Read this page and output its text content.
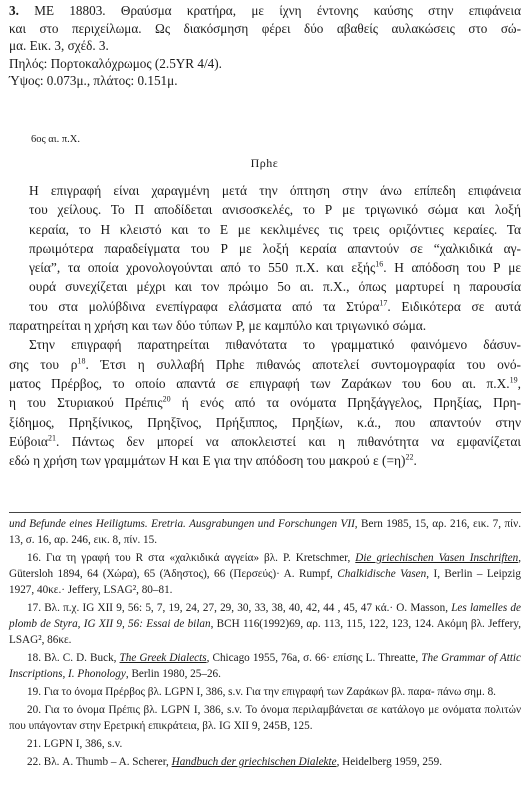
3. ΜΕ 18803. Θραύσμα κρατήρα, με ίχνη έντονης καύσης στην επιφάνεια

και στο περιχείλωμα. Ως διακόσμηση φέρει δύο αβαθείς αυλακώσεις στο σώ-

μα. Εικ. 3, σχέδ. 3.

Πηλός: Πορτοκαλόχρωμος (2.5YR 4/4).

Ύψος: 0.073μ., πλάτος: 0.151μ.

6ος αι. π.Χ.
Πρhε

Η επιγραφή είναι χαραγμένη μετά την όπτηση στην άνω επίπεδη επιφάνεια
του χείλους. Το Π αποδίδεται ανισοσκελές, το Ρ με τριγωνικό σώμα και λοξή
κεραία, το Η κλειστό και το Ε με κεκλιμένες τις τρεις οριζόντιες κεραίες. Τα
πρωιμότερα παραδείγματα του Ρ με λοξή κεραία απαντούν σε “χαλκιδικά αγ-
γεία”, τα οποία χρονολογούνται από το 550 π.Χ. και εξής$^{16}$. Η απόδοση του Ρ με
ουρά συνεχίζεται μέχρι και τον πρώιμο 5ο αι. π.Χ., όπως μαρτυρεί η παρουσία
του στα μολύβδινα ενεπίγραφα ελάσματα από τα Στύρα$^{17}$. Ειδικότερα σε αυτά
παρατηρείται η χρήση και των δύο τύπων Ρ, με καμπύλο και τριγωνικό σώμα.

Στην επιγραφή παρατηρείται πιθανότατα το γραμματικό φαινόμενο δάσυν-
σης του $\rho^{18}$. Έτσι η συλλαβή Πρhε πιθανώς αποτελεί συντομογραφία του ονό-
ματος Πρέρβος, το οποίο απαντά σε επιγραφή των Ζαράκων του 6ου αι. π.Χ.$^{19}$,
η του Στυριακού Πρέπις$^{20}$ ή ενός από τα ονόματα Πρηξάγγελος, Πρηξίας, Πρη-
ξίδημος, Πρηξίνικος, Πρηξῖνος, Πρήξιππος, Πρηξίων, κ.ά., που απαντούν στην
Εύβοια$^{21}$. Πάντως δεν μπορεί να αποκλειστεί και η πιθανότητα να εμφανίζεται
εδώ η χρήση των γραμμάτων Η και Ε για την απόδοση του μακρού ε (=η)$^{22}$.

und Befunde eines Heiligtums. Eretria. Ausgrabungen und Forschungen VII, Bern 1985, 15, αρ. 216, εικ. 7, πίν. 13, σ. 16, αρ. 246, εικ. 8, πίν. 15.

16. Για τη γραφή του R στα «χαλκιδικά αγγεία» βλ. P. Kretschmer, Die griechischen Vasen Inschriften, Gütersloh 1894, 64 (Χώρα), 65 (Άδηστος), 66 (Περσεύς)· A. Rumpf, Chalkidische Vasen, I, Berlin – Leipzig 1927, 40κε.· Jeffery, LSAG², 80–81.

17. Βλ. π.χ. IG XII 9, 56: 5, 7, 19, 24, 27, 29, 30, 33, 38, 40, 42, 44 , 45, 47 κά.· O. Masson, Les lamelles de plomb de Styra, IG XII 9, 56: Essai de bilan, BCH 116(1992)69, αρ. 113, 115, 122, 123, 124. Ακόμη βλ. Jeffery, LSAG², 86κε.

18. Βλ. C. D. Buck, The Greek Dialects, Chicago 1955, 76a, σ. 66· επίσης L. Threatte, The Grammar of Attic Inscriptions, I. Phonology, Berlin 1980, 25–26.

19. Για το όνομα Πρέρβος βλ. LGPN I, 386, s.v. Για την επιγραφή των Ζαράκων βλ. παρα- πάνω σημ. 8.

20. Για το όνομα Πρέπις βλ. LGPN I, 386, s.v. Το όνομα περιλαμβάνεται σε κατάλογο με ονόματα πολιτών που υπάγονταν στην Ερετρική επικράτεια, βλ. IG XII 9, 245B, 125.

21. LGPN I, 386, s.v.

22. Βλ. A. Thumb – A. Scherer, Handbuch der griechischen Dialekte, Heidelberg 1959, 259.
